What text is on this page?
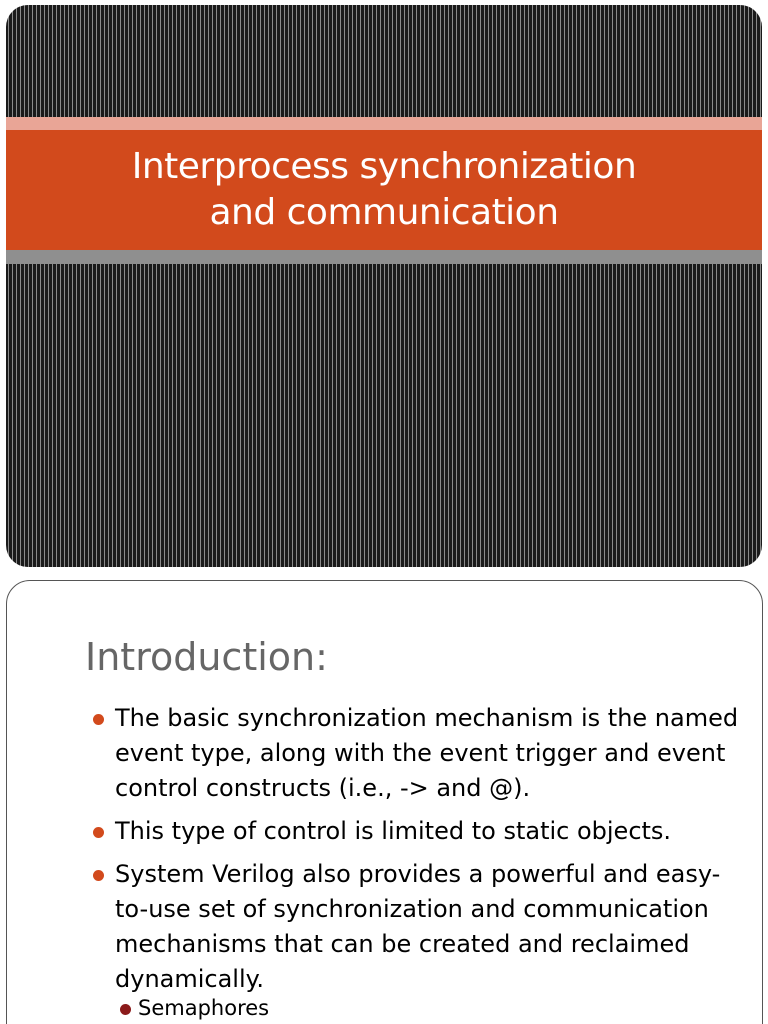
Interprocess synchronization
and communication
Introduction:
The basic synchronization mechanism is the named event type, along with the event trigger and event control constructs (i.e., -> and @).
This type of control is limited to static objects.
System Verilog also provides a powerful and easy-to-use set of synchronization and communication mechanisms that can be created and reclaimed dynamically.
Semaphores
